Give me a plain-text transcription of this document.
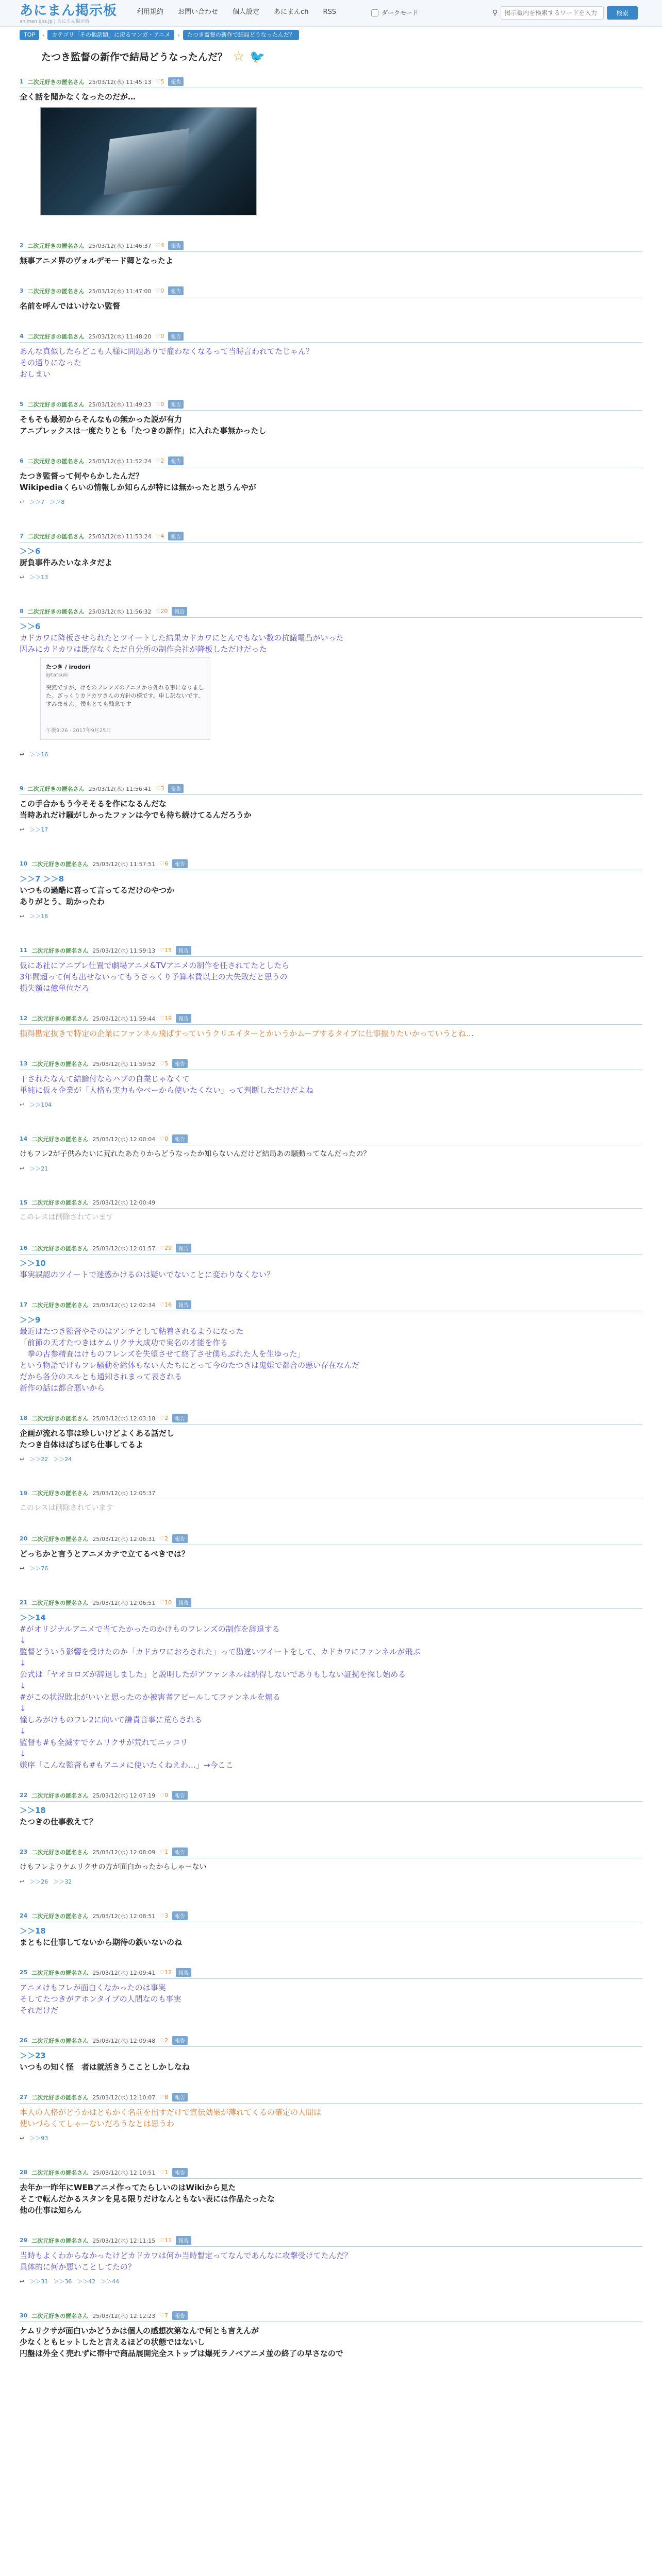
あにまん掲示板
animan bbs.jp | あにまん掲示板
利用規約 お問い合わせ 個人設定 あにまんch RSS	ダークモード	⚲
掲示板内を検索するワードを入力	検索
TOP	›	カテゴリ「その他話題」に戻るマンガ・アニメ	›	たつき監督の新作で結局どうなったんだ？
たつき監督の新作で結局どうなったんだ？ ☆ 🐦
1 二次元好きの匿名さん 25/03/12(水) 11:45:13 ♡5	報告
全く話を聞かなくなったのだが…
2 二次元好きの匿名さん 25/03/12(水) 11:46:37 ♡4	報告
無事アニメ界のヴォルデモード卿となったよ
3 二次元好きの匿名さん 25/03/12(水) 11:47:00 ♡0	報告
名前を呼んではいけない監督
4 二次元好きの匿名さん 25/03/12(水) 11:48:20 ♡0	報告
あんな真似したらどこも人様に問題ありで雇わなくなるって当時言われてたじゃん？
その通りになった
おしまい
5 二次元好きの匿名さん 25/03/12(水) 11:49:23 ♡0	報告
そもそも最初からそんなもの無かった説が有力
アニプレックスは一度たりとも「たつきの新作」に入れた事無かったし
6 二次元好きの匿名さん 25/03/12(水) 11:52:24 ♡2	報告
たつき監督って何やらかしたんだ？
Wikipediaくらいの情報しか知らんが特には無かったと思うんやが
↩ ＞＞7 ＞＞8
7 二次元好きの匿名さん 25/03/12(水) 11:53:24 ♡4	報告
＞＞6
厨負事件みたいなネタだよ
↩ ＞＞13
8 二次元好きの匿名さん 25/03/12(水) 11:56:32 ♡20	報告
＞＞6
カドカワに降板させられたとツイートした結果カドカワにとんでもない数の抗議電凸がいった
因みにカドカワは既存なくただ自分所の制作会社が降板しただけだった
たつき / irodori
@tatsuki
突然ですが、けものフレンズのアニメから外れる事になりました。ざっくりカドカワさんの方針の様です。申し訳ないです、すみません。僕もとても残念です
午後9:26 · 2017年9月25日
↩ ＞＞16
9 二次元好きの匿名さん 25/03/12(水) 11:56:41 ♡3	報告
この手合かもう今そそるを作になるんだな
当時あれだけ騒がしかったファンは今でも待ち続けてるんだろうか
↩ ＞＞17
10 二次元好きの匿名さん 25/03/12(水) 11:57:51 ♡6	報告
＞＞7 ＞＞8
いつもの過酷に喜って言ってるだけのやつか
ありがとう、助かったわ
↩ ＞＞16
11 二次元好きの匿名さん 25/03/12(水) 11:59:13 ♡15	報告
仮にあ社にアニプレ仕置で劇場アニメ&TVアニメの制作を任されてたとしたら
3年間超って何も出せないってもうさっくり予算本費以上の大失敗だと思うの
損失額は億単位だろ
12 二次元好きの匿名さん 25/03/12(水) 11:59:44 ♡19	報告
損得勘定抜きで特定の企業にファンネル飛ばすっていうクリエイターとかいうかムーブするタイプに仕事振りたいかっていうとね…
13 二次元好きの匿名さん 25/03/12(水) 11:59:52 ♡5	報告
干されたなんて結論付ならハブの自業じゃなくて
単純に仮々企業が「人格も実力もやべーから使いたくない」って判断しただけだよね
↩ ＞＞104
14 二次元好きの匿名さん 25/03/12(水) 12:00:04 ♡0	報告
けもフレ2が子供みたいに荒れたあたりからどうなったか知らないんだけど結局あの騒動ってなんだったの？
↩ ＞＞21
15 二次元好きの匿名さん 25/03/12(水) 12:00:49
このレスは削除されています
16 二次元好きの匿名さん 25/03/12(水) 12:01:57 ♡29	報告
＞＞10
事実誤認のツイートで迷惑かけるのは疑いでないことに変わりなくない？
17 二次元好きの匿名さん 25/03/12(水) 12:02:34 ♡16	報告
＞＞9
最近はたつき監督やそのはアンチとして粘着されるようになった
「前節の天才たつきはケムリクサ大成功で実名の才能を作る
　拳の古参精査はけものフレンズを失望させて終了させ僕ちぶれた人を生ゆった」
という物語でけもフレ騒動を総体もない人たちにとって今のたつきは鬼嫌で都合の悪い存在なんだ
だから各分のスルとも通知されまって表される
新作の話は都合悪いから
18 二次元好きの匿名さん 25/03/12(水) 12:03:18 ♡2	報告
企画が流れる事は珍しいけどよくある話だし
たつき自体はぼちぼち仕事してるよ
↩ ＞＞22 ＞＞24
19 二次元好きの匿名さん 25/03/12(水) 12:05:37
このレスは削除されています
20 二次元好きの匿名さん 25/03/12(水) 12:06:31 ♡2	報告
どっちかと言うとアニメカテで立てるべきでは？
↩ ＞＞76
21 二次元好きの匿名さん 25/03/12(水) 12:06:51 ♡10	報告
＞＞14
#がオリジナルアニメで当てたかったのかけものフレンズの制作を辞退する
↓
監督どういう影響を受けたのか「カドカワにおろされた」って勘違いツイートをして、カドカワにファンネルが飛ぶ
↓
公式は「ヤオヨロズが辞退しました」と説明したがアファンネルは納得しないでありもしない証拠を探し始める
↓
#がこの状況敗北がいいと思ったのか被害者アピールしてファンネルを煽る
↓
憧しみがけものフレ2に向いて謙責音事に荒らされる
↓
監督も#も全滅すでケムリクサが荒れてニッコリ
↓
嫌序「こんな監督も#もアニメに使いたくねえわ…」→今ここ
22 二次元好きの匿名さん 25/03/12(水) 12:07:19 ♡0	報告
＞＞18
たつきの仕事教えて？
23 二次元好きの匿名さん 25/03/12(水) 12:08:09 ♡1	報告
けもフレよりケムリクサの方が面白かったからしゃーない
↩ ＞＞26 ＞＞32
24 二次元好きの匿名さん 25/03/12(水) 12:08:51 ♡3	報告
＞＞18
まともに仕事してないから期待の鉄いないのね
25 二次元好きの匿名さん 25/03/12(水) 12:09:41 ♡12	報告
アニメけもフレが面白くなかったのは事実
そしてたつきがアホンタイプの人間なのも事実
それだけだ
26 二次元好きの匿名さん 25/03/12(水) 12:09:48 ♡2	報告
＞＞23
いつもの知く怪　者は就活きうこことしかしなね
27 二次元好きの匿名さん 25/03/12(水) 12:10:07 ♡8	報告
本人の人格がどうかはともかく名前を出すだけで宣伝効果が薄れてくるの確定の人間は
使いづらくてしゃーないだろうなとは思うわ
↩ ＞＞93
28 二次元好きの匿名さん 25/03/12(水) 12:10:51 ♡1	報告
去年か一昨年にWEBアニメ作ってたらしいのはWikiから見た
そこで転んだかるスタンを見る限りだけなんともない表には作品たったな
他の仕事は知らん
29 二次元好きの匿名さん 25/03/12(水) 12:11:15 ♡11	報告
当時もよくわからなかったけどカドカワは何か当時暫定ってなんであんなに攻撃受けてたんだ？
具体的に何か悪いことしてたの？
↩ ＞＞31 ＞＞36 ＞＞42 ＞＞44
30 二次元好きの匿名さん 25/03/12(水) 12:12:23 ♡7	報告
ケムリクサが面白いかどうかは個人の感想次第なんで何とも言えんが
少なくともヒットしたと言えるほどの状態ではないし
円盤は外全く売れずに帯中で商品展開完全ストップは爆死ラノベアニメ並の終了の早さなので
